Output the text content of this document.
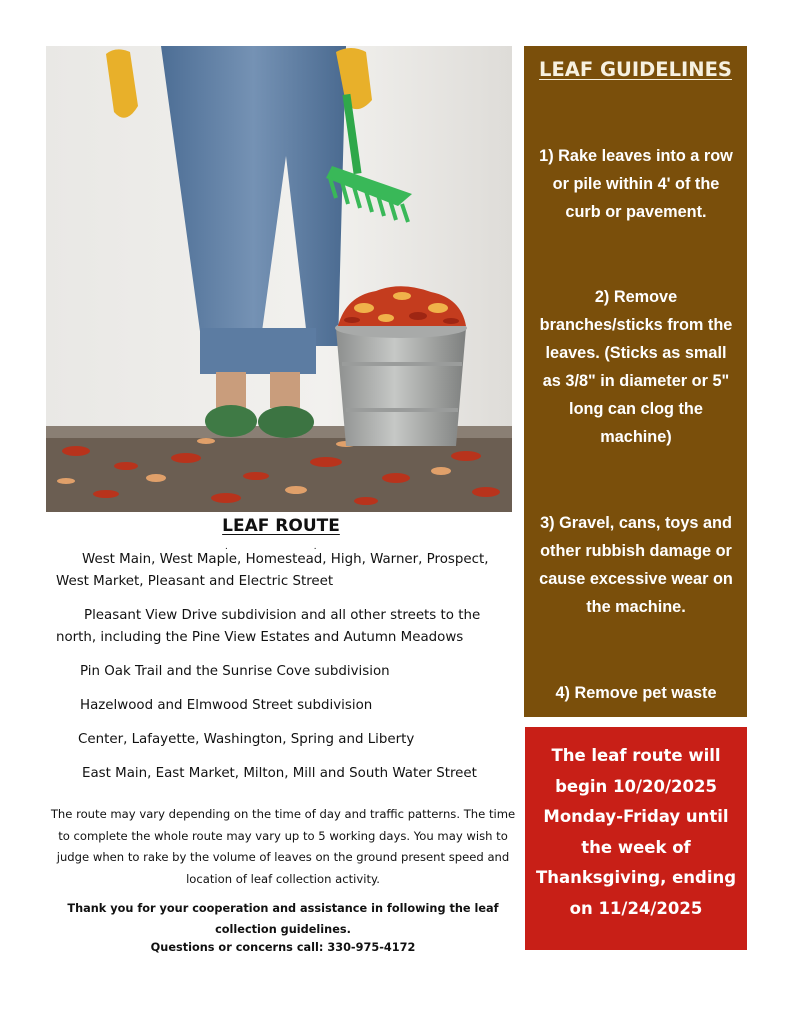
LEAF ROUTE
..
West Main, West Maple, Homestead, High, Warner, Prospect, West Market, Pleasant and Electric Street
Pleasant View Drive subdivision and all other streets to the north, including the Pine View Estates and Autumn Meadows
Pin Oak Trail and the Sunrise Cove subdivision
Hazelwood and Elmwood Street subdivision
Center, Lafayette, Washington, Spring and Liberty
East Main, East Market, Milton, Mill and South Water Street
The route may vary depending on the time of day and traffic patterns. The time to complete the whole route may vary up to 5 working days. You may wish to judge when to rake by the volume of leaves on the ground present speed and location of leaf collection activity.
Thank you for your cooperation and assistance in following the leaf collection guidelines.
Questions or concerns call: 330-975-4172
LEAF GUIDELINES
1) Rake leaves into a row or pile within 4' of the curb or pavement.
2) Remove branches/sticks from the leaves. (Sticks as small as 3/8" in diameter or 5" long can clog the machine)
3) Gravel, cans, toys and other rubbish damage or cause excessive wear on the machine.
4) Remove pet waste

The leaf route will begin 10/20/2025 Monday-Friday until the week of Thanksgiving, ending on 11/24/2025
